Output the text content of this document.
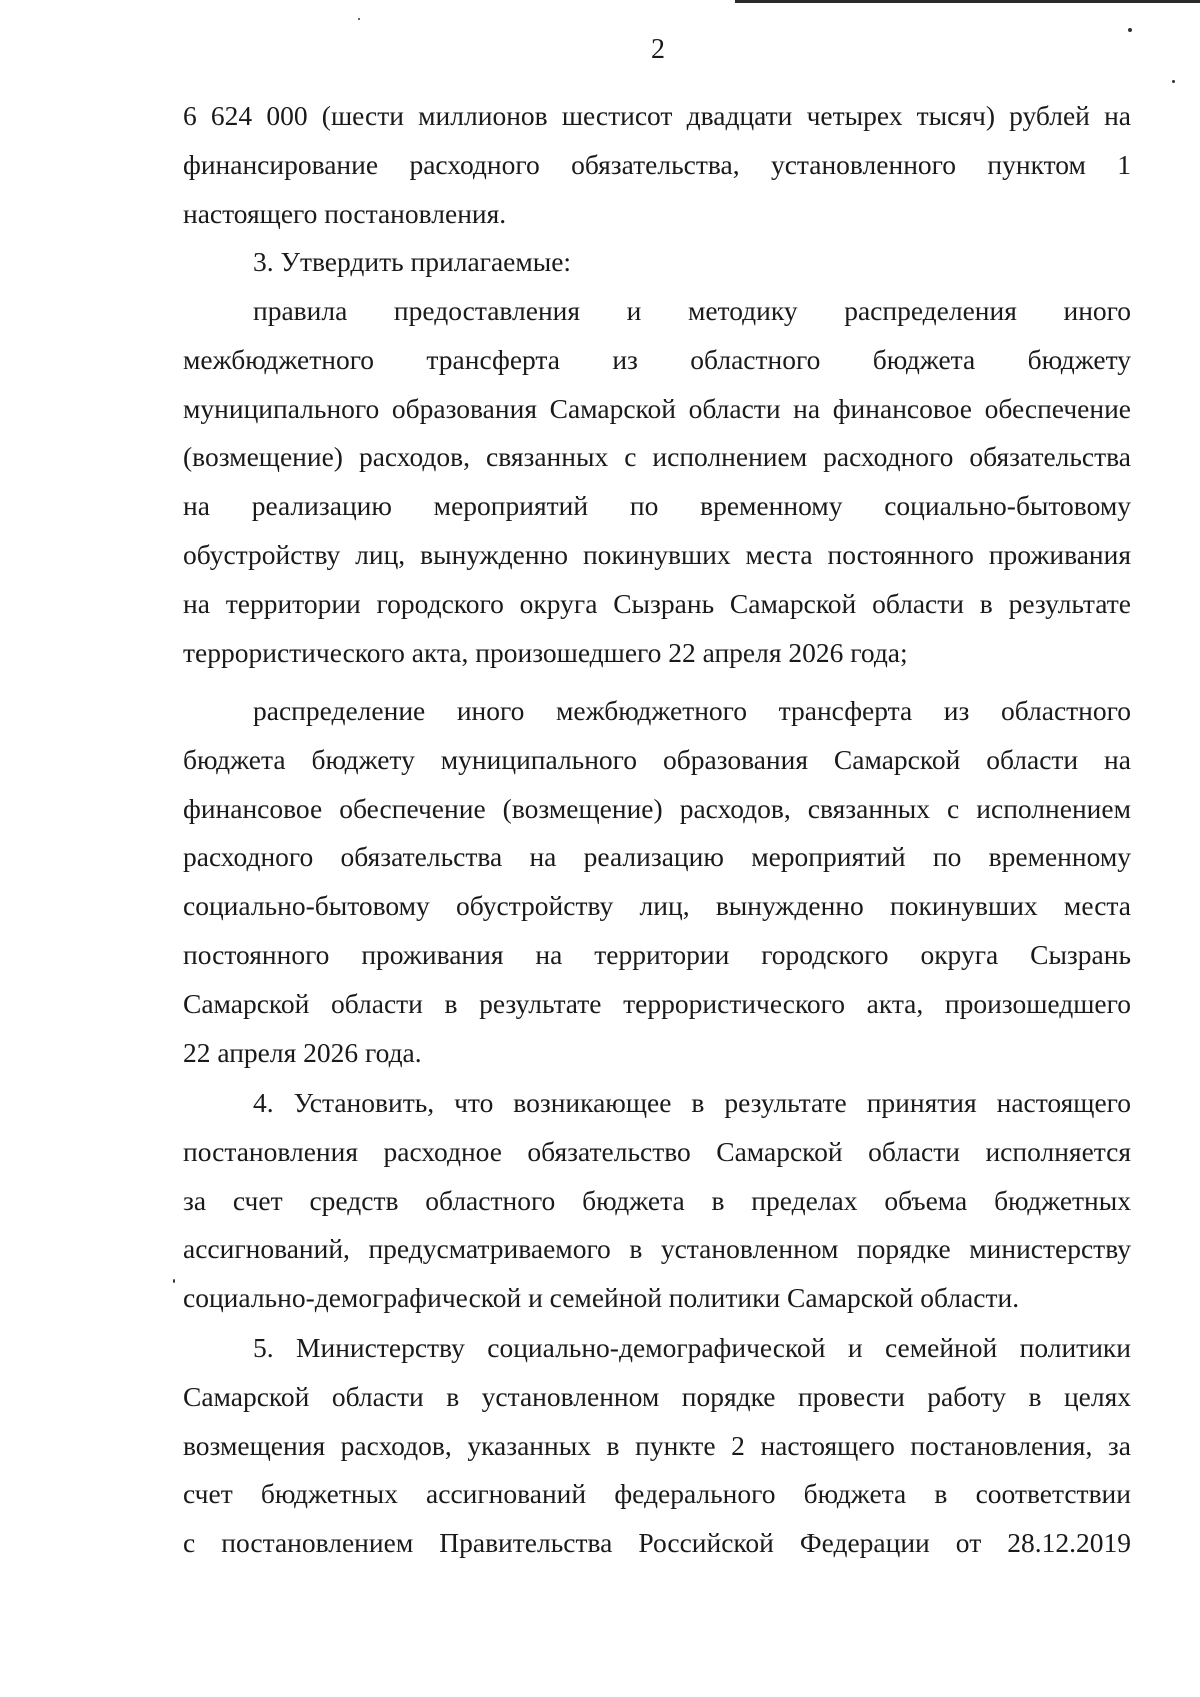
2
6 624 000 (шести миллионов шестисот двадцати четырех тысяч) рублей на
финансирование расходного обязательства, установленного пунктом 1
настоящего постановления.
3. Утвердить прилагаемые:
правила предоставления и методику распределения иного
межбюджетного трансферта из областного бюджета бюджету
муниципального образования Самарской области на финансовое обеспечение
(возмещение) расходов, связанных с исполнением расходного обязательства
на реализацию мероприятий по временному социально-бытовому
обустройству лиц, вынужденно покинувших места постоянного проживания
на территории городского округа Сызрань Самарской области в результате
террористического акта, произошедшего 22 апреля 2026 года;
распределение иного межбюджетного трансферта из областного
бюджета бюджету муниципального образования Самарской области на
финансовое обеспечение (возмещение) расходов, связанных с исполнением
расходного обязательства на реализацию мероприятий по временному
социально-бытовому обустройству лиц, вынужденно покинувших места
постоянного проживания на территории городского округа Сызрань
Самарской области в результате террористического акта, произошедшего
22 апреля 2026 года.
4. Установить, что возникающее в результате принятия настоящего
постановления расходное обязательство Самарской области исполняется
за счет средств областного бюджета в пределах объема бюджетных
ассигнований, предусматриваемого в установленном порядке министерству
социально-демографической и семейной политики Самарской области.
5. Министерству социально-демографической и семейной политики
Самарской области в установленном порядке провести работу в целях
возмещения расходов, указанных в пункте 2 настоящего постановления, за
счет бюджетных ассигнований федерального бюджета в соответствии
с постановлением Правительства Российской Федерации от 28.12.2019
